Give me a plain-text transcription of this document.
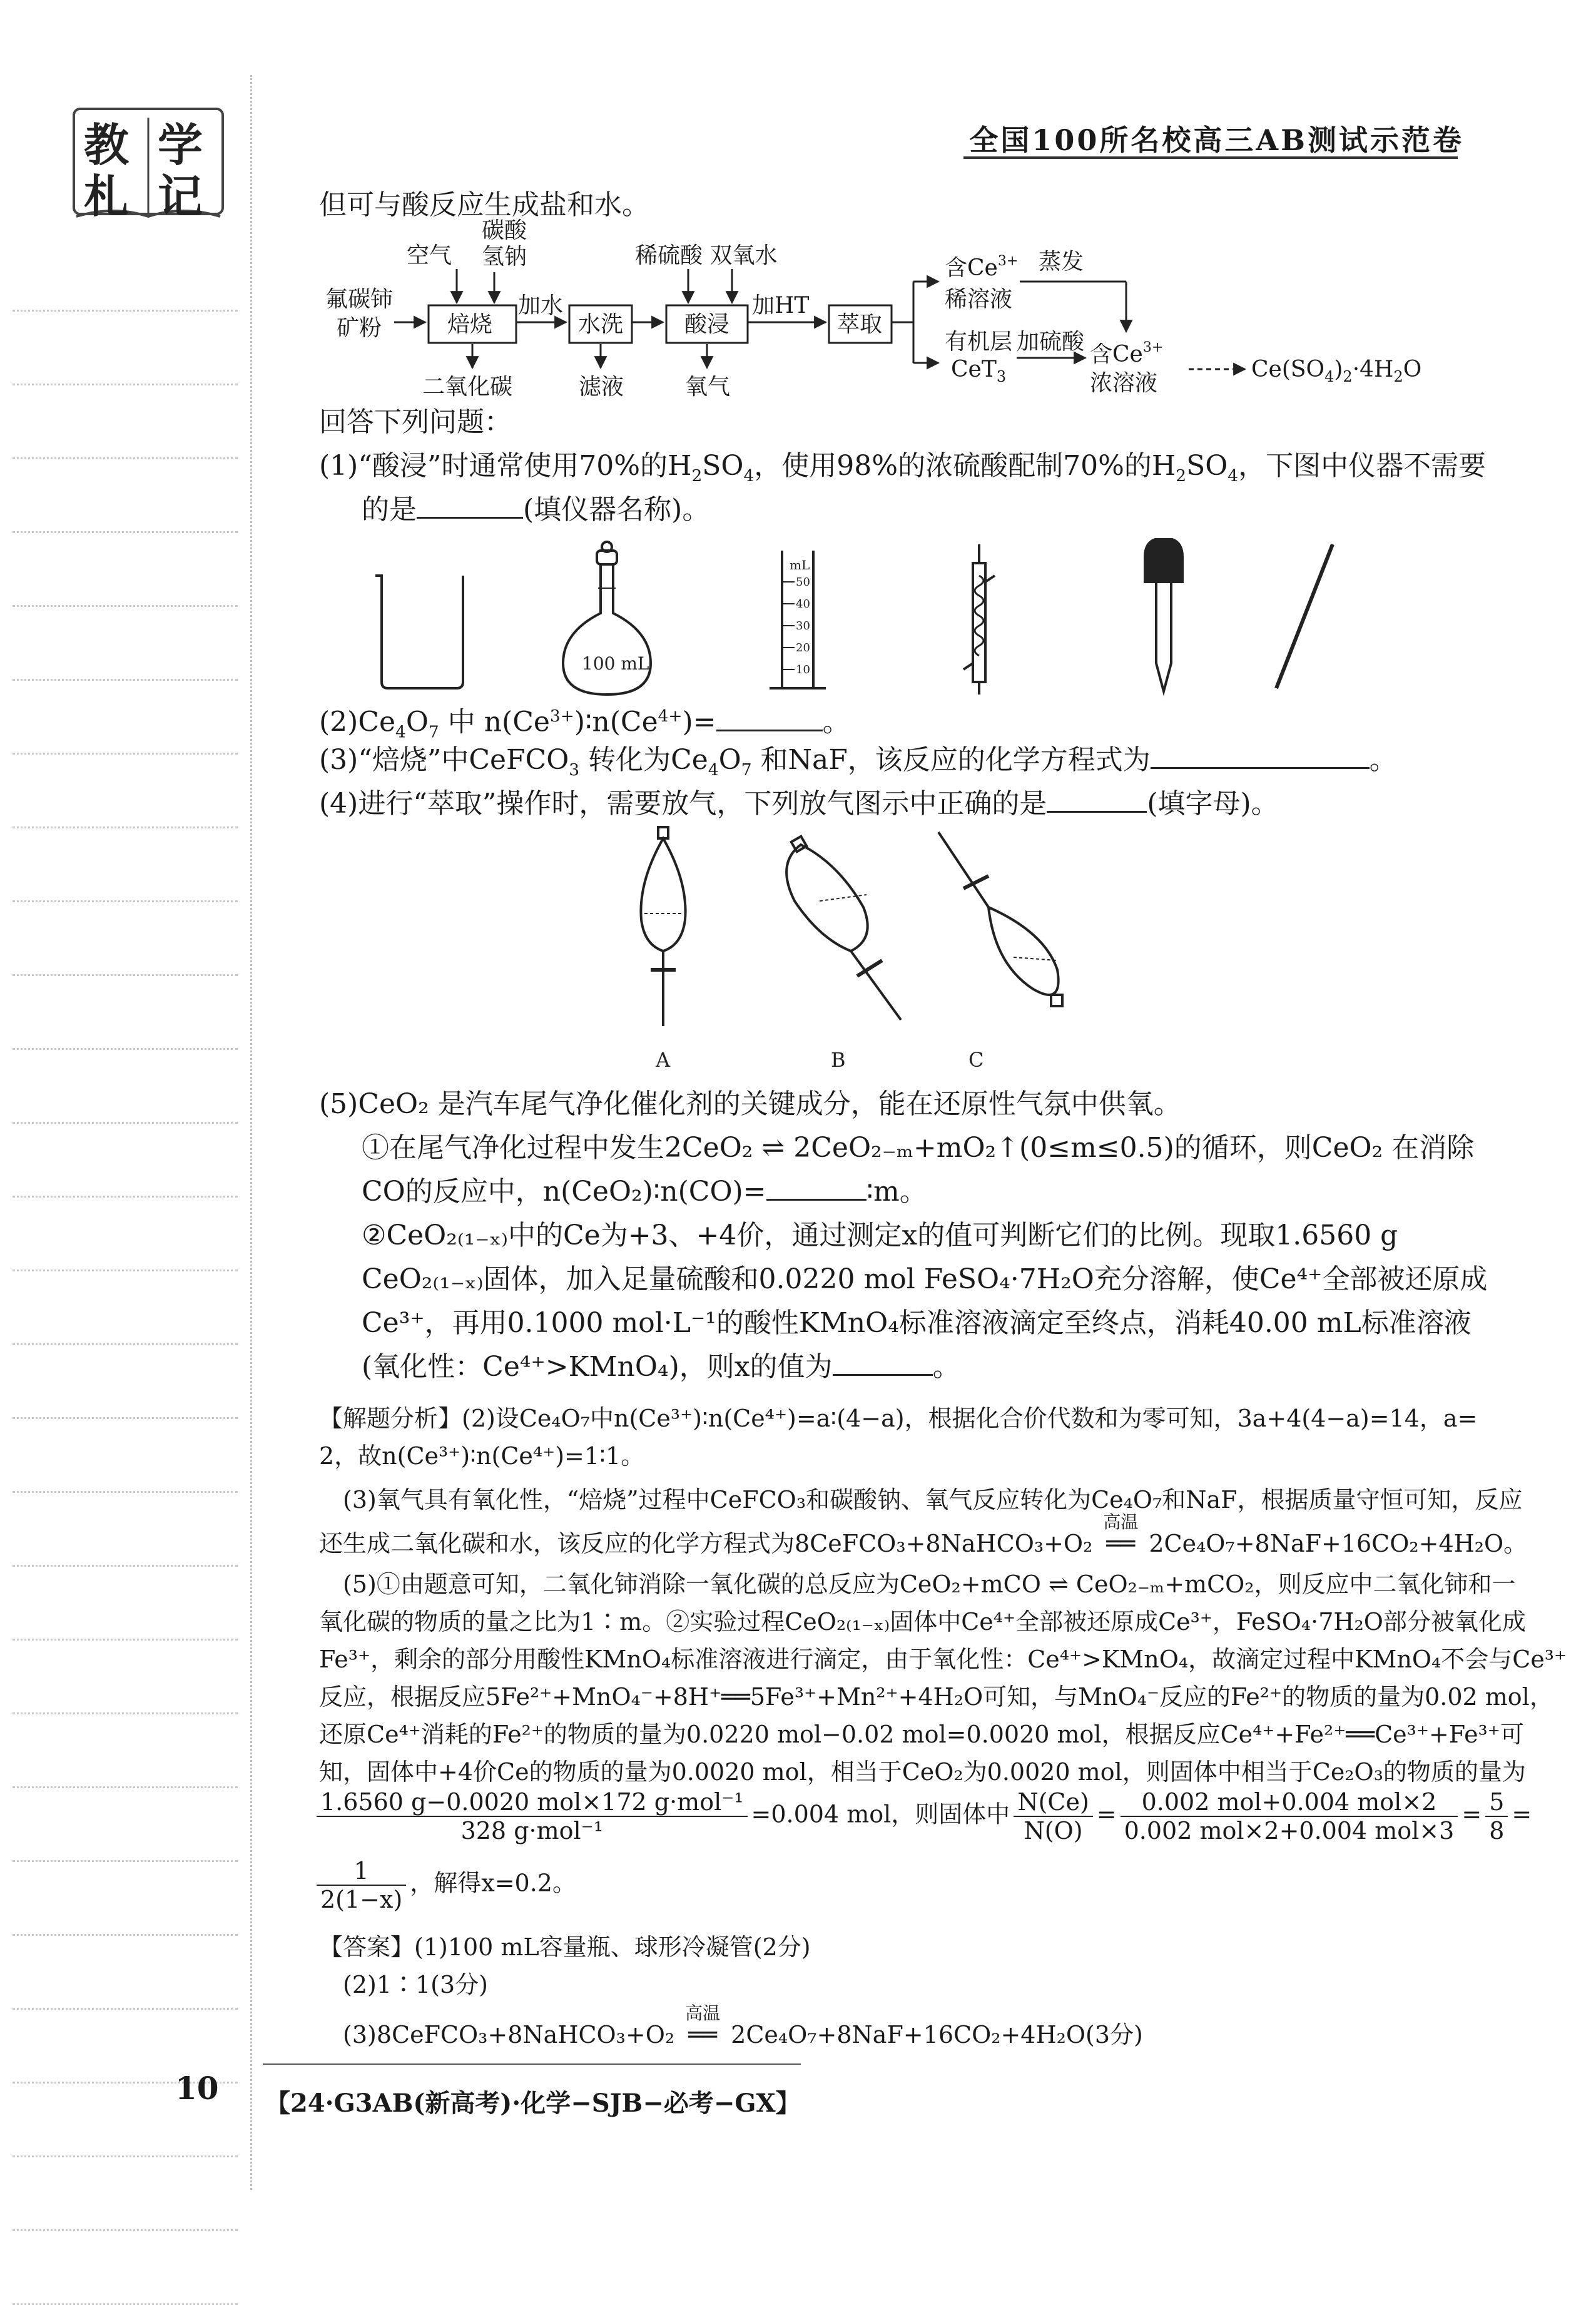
教 学
札 记
全国100所名校高三AB测试示范卷
但可与酸反应生成盐和水。
氟碳铈
矿粉	焙烧
空气
碳酸
氢钠
二氧化碳
加水
水洗
滤液
酸浸
稀硫酸 双氧水
氧气
加HT
萃取
含$Ce^{3+}$
稀溶液
蒸发
有机层
CeT$_3$
加硫酸 含$Ce^{3+}$
浓溶液
$Ce(SO_4)_2\cdot 4H_2O$
回答下列问题：
(1)“酸浸”时通常使用70%的$H_2SO_4$，使用98%的浓硫酸配制70%的$H_2SO_4$，下图中仪器不需要
的是	(填仪器名称)。
100 mL
mL
50
40
30
20
10
$(2)Ce_4O_7$ 中 $n(Ce^{3+})∶n(Ce^{4+})=$	。
(3)“焙烧”中CeFCO$_3$ 转化为$Ce_4O_7$ 和NaF，该反应的化学方程式为	。
(4)进行“萃取”操作时，需要放气，下列放气图示中正确的是	(填字母)。
A	B	C
(5)CeO₂ 是汽车尾气净化催化剂的关键成分，能在还原性气氛中供氧。
①在尾气净化过程中发生2CeO₂ ⇌ 2CeO₂₋ₘ+mO₂↑(0≤m≤0.5)的循环，则CeO₂ 在消除
CO的反应中，n(CeO₂)∶n(CO)=	∶m。
②CeO₂₍₁₋ₓ₎中的Ce为+3、+4价，通过测定x的值可判断它们的比例。现取1.6560 g
CeO₂₍₁₋ₓ₎固体，加入足量硫酸和0.0220 mol FeSO₄·7H₂O充分溶解，使Ce⁴⁺全部被还原成
Ce³⁺，再用0.1000 mol·L⁻¹的酸性KMnO₄标准溶液滴定至终点，消耗40.00 mL标准溶液
(氧化性：Ce⁴⁺>KMnO₄)，则x的值为	。
【解题分析】(2)设Ce₄O₇中n(Ce³⁺)∶n(Ce⁴⁺)=a∶(4−a)，根据化合价代数和为零可知，3a+4(4−a)=14，a=
2，故n(Ce³⁺)∶n(Ce⁴⁺)=1∶1。
(3)氧气具有氧化性，“焙烧”过程中CeFCO₃和碳酸钠、氧气反应转化为Ce₄O₇和NaF，根据质量守恒可知，反应
还生成二氧化碳和水，该反应的化学方程式为8CeFCO₃+8NaHCO₃+O₂
高温
══ 2Ce₄O₇+8NaF+16CO₂+4H₂O。
(5)①由题意可知，二氧化铈消除一氧化碳的总反应为CeO₂+mCO ⇌ CeO₂₋ₘ+mCO₂，则反应中二氧化铈和一
氧化碳的物质的量之比为1∶m。②实验过程CeO₂₍₁₋ₓ₎固体中Ce⁴⁺全部被还原成Ce³⁺，FeSO₄·7H₂O部分被氧化成
Fe³⁺，剩余的部分用酸性KMnO₄标准溶液进行滴定，由于氧化性：Ce⁴⁺>KMnO₄，故滴定过程中KMnO₄不会与Ce³⁺
反应，根据反应5Fe²⁺+MnO₄⁻+8H⁺══5Fe³⁺+Mn²⁺+4H₂O可知，与MnO₄⁻反应的Fe²⁺的物质的量为0.02 mol，
还原Ce⁴⁺消耗的Fe²⁺的物质的量为0.0220 mol−0.02 mol=0.0020 mol，根据反应Ce⁴⁺+Fe²⁺══Ce³⁺+Fe³⁺可
知，固体中+4价Ce的物质的量为0.0020 mol，相当于CeO₂为0.0020 mol，则固体中相当于Ce₂O₃的物质的量为
$\frac{\text{1.6560 g−0.0020 mol×172 g·mol⁻¹}}{\text{328 g·mol⁻¹}} =0.004$ mol，则固体中 $\frac{N(Ce)}{N(O)} = \frac{\text{0.002 mol+0.004 mol×2}}{\text{0.002 mol×2+0.004 mol×3}} = \frac{5}{8}$ =
$\frac{1}{2(1-x)}$ ，解得x=0.2。
【答案】(1)100 mL容量瓶、球形冷凝管(2分)
(2)1∶1(3分)
(3)8CeFCO₃+8NaHCO₃+O₂
高温
══ 2Ce₄O₇+8NaF+16CO₂+4H₂O(3分)
10 【24·G3AB(新高考)·化学−SJB−必考−GX】
